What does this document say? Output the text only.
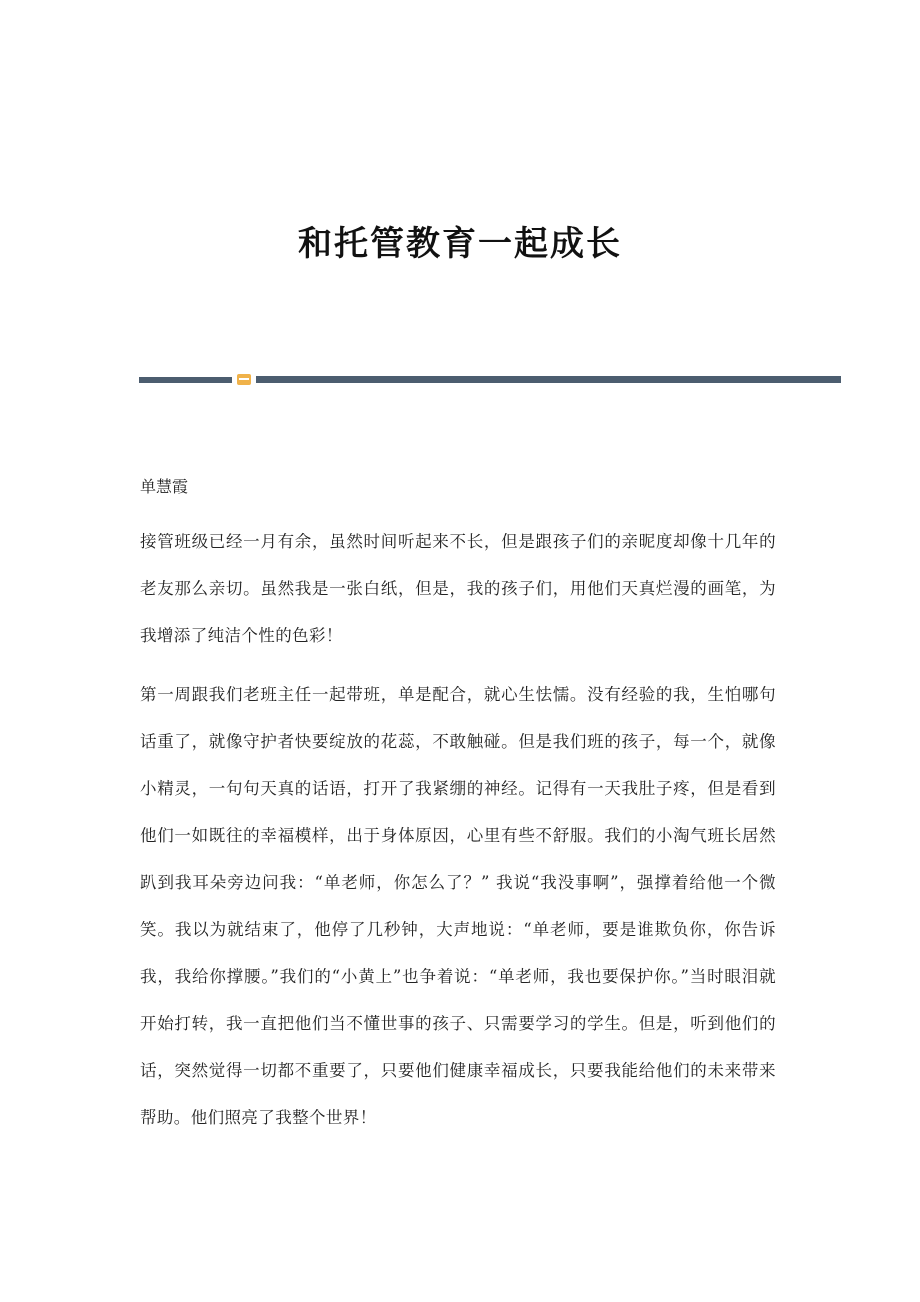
和托管教育一起成长
单慧霞

接管班级已经一月有余，虽然时间听起来不长，但是跟孩子们的亲昵度却像十几年的老友那么亲切。虽然我是一张白纸，但是，我的孩子们，用他们天真烂漫的画笔，为我增添了纯洁个性的色彩！

第一周跟我们老班主任一起带班，单是配合，就心生怯懦。没有经验的我，生怕哪句话重了，就像守护者快要绽放的花蕊，不敢触碰。但是我们班的孩子，每一个，就像小精灵，一句句天真的话语，打开了我紧绷的神经。记得有一天我肚子疼，但是看到他们一如既往的幸福模样，出于身体原因，心里有些不舒服。我们的小淘气班长居然趴到我耳朵旁边问我：“单老师，你怎么了？” 我说“我没事啊”，强撑着给他一个微笑。我以为就结束了，他停了几秒钟，大声地说：“单老师，要是谁欺负你，你告诉我，我给你撑腰。”我们的“小黄上”也争着说：“单老师，我也要保护你。”当时眼泪就开始打转，我一直把他们当不懂世事的孩子、只需要学习的学生。但是，听到他们的话，突然觉得一切都不重要了，只要他们健康幸福成长，只要我能给他们的未来带来帮助。他们照亮了我整个世界！
